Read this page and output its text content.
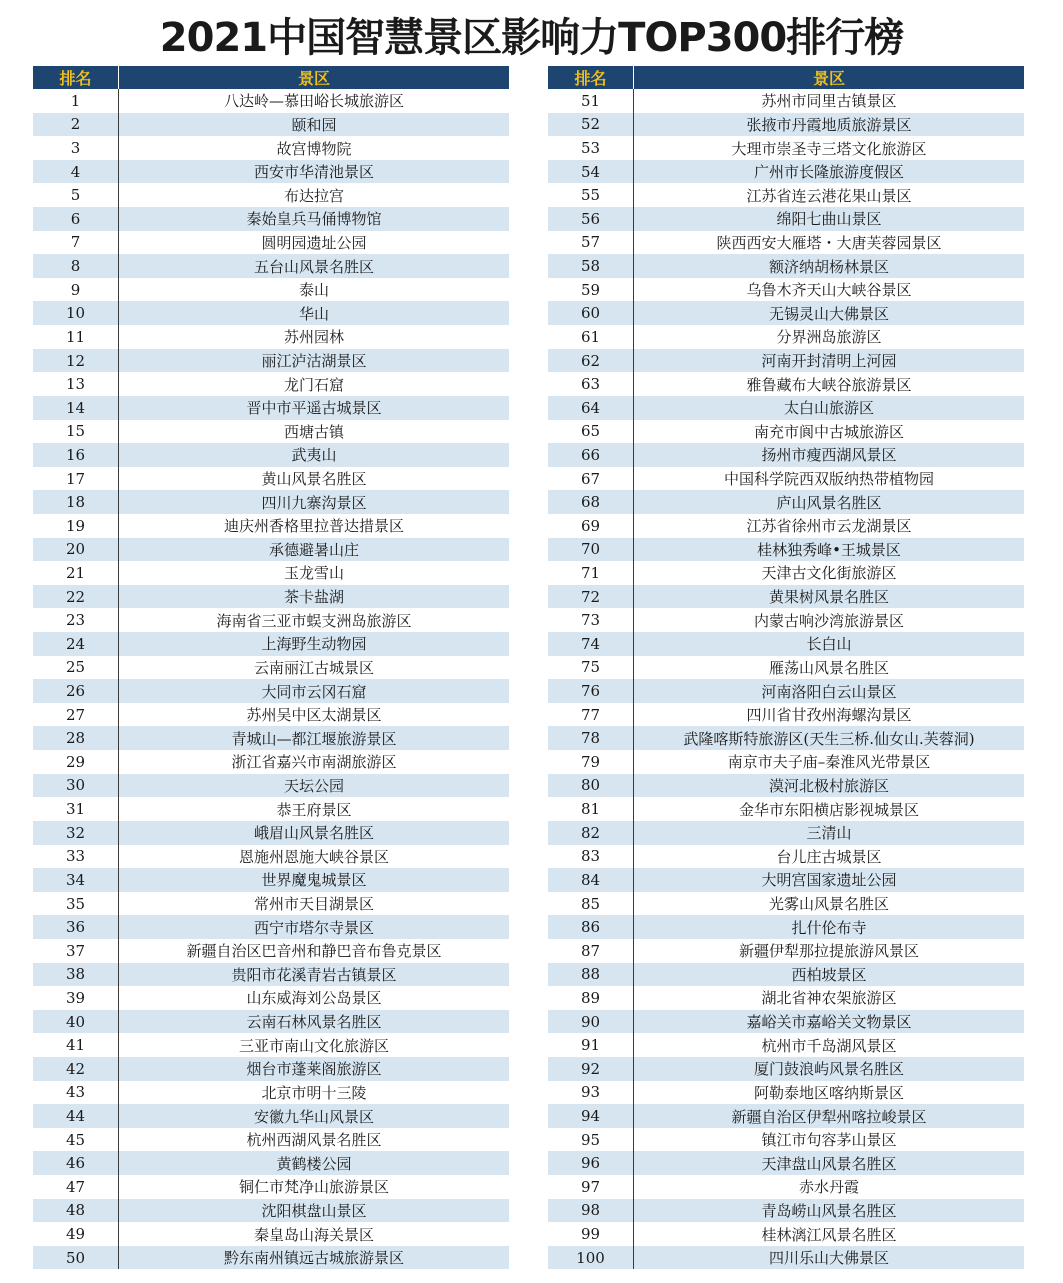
2021中国智慧景区影响力TOP300排行榜
排名	景区
1	八达岭—慕田峪长城旅游区
2	颐和园
3	故宫博物院
4	西安市华清池景区
5	布达拉宫
6	秦始皇兵马俑博物馆
7	圆明园遗址公园
8	五台山风景名胜区
9	泰山
10	华山
11	苏州园林
12	丽江泸沽湖景区
13	龙门石窟
14	晋中市平遥古城景区
15	西塘古镇
16	武夷山
17	黄山风景名胜区
18	四川九寨沟景区
19	迪庆州香格里拉普达措景区
20	承德避暑山庄
21	玉龙雪山
22	茶卡盐湖
23	海南省三亚市蜈支洲岛旅游区
24	上海野生动物园
25	云南丽江古城景区
26	大同市云冈石窟
27	苏州吴中区太湖景区
28	青城山—都江堰旅游景区
29	浙江省嘉兴市南湖旅游区
30	天坛公园
31	恭王府景区
32	峨眉山风景名胜区
33	恩施州恩施大峡谷景区
34	世界魔鬼城景区
35	常州市天目湖景区
36	西宁市塔尔寺景区
37	新疆自治区巴音州和静巴音布鲁克景区
38	贵阳市花溪青岩古镇景区
39	山东威海刘公岛景区
40	云南石林风景名胜区
41	三亚市南山文化旅游区
42	烟台市蓬莱阁旅游区
43	北京市明十三陵
44	安徽九华山风景区
45	杭州西湖风景名胜区
46	黄鹤楼公园
47	铜仁市梵净山旅游景区
48	沈阳棋盘山景区
49	秦皇岛山海关景区
50	黔东南州镇远古城旅游景区
排名	景区
51	苏州市同里古镇景区
52	张掖市丹霞地质旅游景区
53	大理市崇圣寺三塔文化旅游区
54	广州市长隆旅游度假区
55	江苏省连云港花果山景区
56	绵阳七曲山景区
57	陕西西安大雁塔・大唐芙蓉园景区
58	额济纳胡杨林景区
59	乌鲁木齐天山大峡谷景区
60	无锡灵山大佛景区
61	分界洲岛旅游区
62	河南开封清明上河园
63	雅鲁藏布大峡谷旅游景区
64	太白山旅游区
65	南充市阆中古城旅游区
66	扬州市瘦西湖风景区
67	中国科学院西双版纳热带植物园
68	庐山风景名胜区
69	江苏省徐州市云龙湖景区
70	桂林独秀峰•王城景区
71	天津古文化街旅游区
72	黄果树风景名胜区
73	内蒙古响沙湾旅游景区
74	长白山
75	雁荡山风景名胜区
76	河南洛阳白云山景区
77	四川省甘孜州海螺沟景区
78	武隆喀斯特旅游区(天生三桥.仙女山.芙蓉洞)
79	南京市夫子庙–秦淮风光带景区
80	漠河北极村旅游区
81	金华市东阳横店影视城景区
82	三清山
83	台儿庄古城景区
84	大明宫国家遗址公园
85	光雾山风景名胜区
86	扎什伦布寺
87	新疆伊犁那拉提旅游风景区
88	西柏坡景区
89	湖北省神农架旅游区
90	嘉峪关市嘉峪关文物景区
91	杭州市千岛湖风景区
92	厦门鼓浪屿风景名胜区
93	阿勒泰地区喀纳斯景区
94	新疆自治区伊犁州喀拉峻景区
95	镇江市句容茅山景区
96	天津盘山风景名胜区
97	赤水丹霞
98	青岛崂山风景名胜区
99	桂林漓江风景名胜区
100	四川乐山大佛景区
